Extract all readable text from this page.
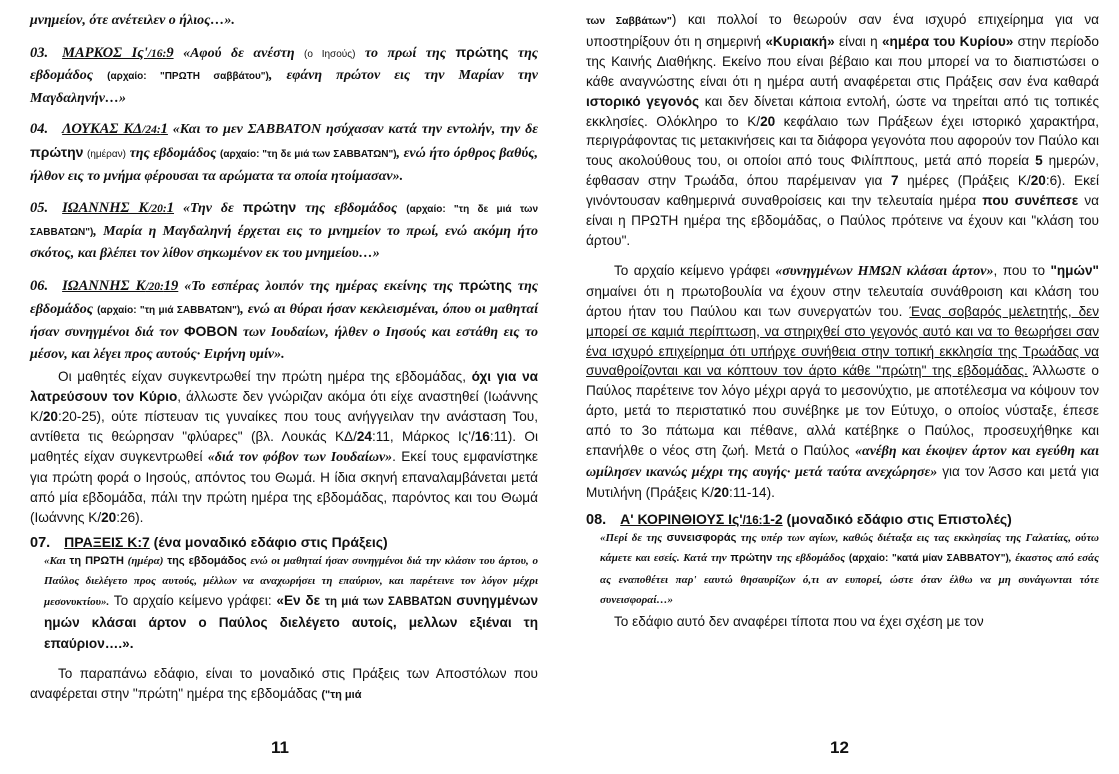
μνημείον, ότε ανέτειλεν ο ήλιος…».

03. ΜΑΡΚΟΣ Ις'/16:9 «Αφού δε ανέστη (ο Ιησούς) το πρωί της πρώτης της εβδομάδος (αρχαίο: "ΠΡΩΤΗ σαββάτου"), εφάνη πρώτον εις την Μαρίαν την Μαγδαληνήν…»

04. ΛΟΥΚΑΣ ΚΔ/24:1 «Και το μεν ΣΑΒΒΑΤΟΝ ησύχασαν κατά την εντολήν, την δε πρώτην (ημέραν) της εβδομάδος (αρχαίο: "τη δε μιά των ΣΑΒΒΑΤΩΝ"), ενώ ήτο όρθρος βαθύς, ήλθον εις το μνήμα φέρουσαι τα αρώματα τα οποία ητοίμασαν».

05. ΙΩΑΝΝΗΣ Κ/20:1 «Την δε πρώτην της εβδομάδος (αρχαίο: "τη δε μιά των ΣΑΒΒΑΤΩΝ"), Μαρία η Μαγδαληνή έρχεται εις το μνημείον το πρωί, ενώ ακόμη ήτο σκότος, και βλέπει τον λίθον σηκωμένον εκ του μνημείου…»

06. ΙΩΑΝΝΗΣ Κ/20:19 «Το εσπέρας λοιπόν της ημέρας εκείνης της πρώτης της εβδομάδος (αρχαίο: "τη μιά ΣΑΒΒΑΤΩΝ"), ενώ αι θύραι ήσαν κεκλεισμέναι, όπου οι μαθηταί ήσαν συνηγμένοι διά τον ΦΟΒΟΝ των Ιουδαίων, ήλθεν ο Ιησούς και εστάθη εις το μέσον, και λέγει προς αυτούς· Ειρήνη υμίν».

Οι μαθητές είχαν συγκεντρωθεί την πρώτη ημέρα της εβδομάδας, όχι για να λατρεύσουν τον Κύριο, άλλωστε δεν γνώριζαν ακόμα ότι είχε αναστηθεί (Ιωάννης Κ/20:20-25), ούτε πίστευαν τις γυναίκες που τους ανήγγειλαν την ανάσταση Του, αντίθετα τις θεώρησαν "φλύαρες" (βλ. Λουκάς ΚΔ/24:11, Μάρκος Ις'/16:11). Οι μαθητές είχαν συγκεντρωθεί «διά τον φόβον των Ιουδαίων». Εκεί τους εμφανίστηκε για πρώτη φορά ο Ιησούς, απόντος του Θωμά. Η ίδια σκηνή επαναλαμβάνεται μετά από μία εβδομάδα, πάλι την πρώτη ημέρα της εβδομάδας, παρόντος και του Θωμά (Ιωάννης Κ/20:26).

07. ΠΡΑΞΕΙΣ Κ:7 (ένα μοναδικό εδάφιο στις Πράξεις)

«Και τη ΠΡΩΤΗ (ημέρα) της εβδομάδος ενώ οι μαθηταί ήσαν συνηγμένοι διά την κλάσιν του άρτου, ο Παύλος διελέγετο προς αυτούς, μέλλων να αναχωρήσει τη επαύριον, και παρέτεινε τον λόγον μέχρι μεσονυκτίου». Το αρχαίο κείμενο γράφει: «Εν δε τη μιά των ΣΑΒΒΑΤΩΝ συνηγμένων ημών κλάσαι άρτον ο Παύλος διελέγετο αυτοίς, μελλων εξιέναι τη επαύριον….».

Το παραπάνω εδάφιο, είναι το μοναδικό στις Πράξεις των Αποστόλων που αναφέρεται στην "πρώτη" ημέρα της εβδομάδας ("τη μιά

11

των Σαββάτων") και πολλοί το θεωρούν σαν ένα ισχυρό επιχείρημα για να υποστηρίξουν ότι η σημερινή «Κυριακή» είναι η «ημέρα του Κυρίου» στην περίοδο της Καινής Διαθήκης. Εκείνο που είναι βέβαιο και που μπορεί να το διαπιστώσει ο κάθε αναγνώστης είναι ότι η ημέρα αυτή αναφέρεται στις Πράξεις σαν ένα καθαρά ιστορικό γεγονός και δεν δίνεται κάποια εντολή, ώστε να τηρείται από τις τοπικές εκκλησίες. Ολόκληρο το Κ/20 κεφάλαιο των Πράξεων έχει ιστορικό χαρακτήρα, περιγράφοντας τις μετακινήσεις και τα διάφορα γεγονότα που αφορούν τον Παύλο και τους ακολούθους του, οι οποίοι από τους Φιλίππους, μετά από πορεία 5 ημερών, έφθασαν στην Τρωάδα, όπου παρέμειναν για 7 ημέρες (Πράξεις Κ/20:6). Εκεί γινόντουσαν καθημερινά συναθροίσεις και την τελευταία ημέρα που συνέπεσε να είναι η ΠΡΩΤΗ ημέρα της εβδομάδας, ο Παύλος πρότεινε να έχουν και "κλάση του άρτου".

Το αρχαίο κείμενο γράφει «συνηγμένων ΗΜΩΝ κλάσαι άρτον», που το "ημών" σημαίνει ότι η πρωτοβουλία να έχουν στην τελευταία συνάθροιση και κλάση του άρτου ήταν του Παύλου και των συνεργατών του. Ένας σοβαρός μελετητής, δεν μπορεί σε καμιά περίπτωση, να στηριχθεί στο γεγονός αυτό και να το θεωρήσει σαν ένα ισχυρό επιχείρημα ότι υπήρχε συνήθεια στην τοπική εκκλησία της Τρωάδας να συναθροίζονται και να κόπτουν τον άρτο κάθε "πρώτη" της εβδομάδας. Άλλωστε ο Παύλος παρέτεινε τον λόγο μέχρι αργά το μεσονύχτιο, με αποτέλεσμα να κόψουν τον άρτο, μετά το περιστατικό που συνέβηκε με τον Εύτυχο, ο οποίος νύσταξε, έπεσε από το 3ο πάτωμα και πέθανε, αλλά κατέβηκε ο Παύλος, προσευχήθηκε και επανήλθε ο νέος στη ζωή. Μετά ο Παύλος «ανέβη και έκοψεν άρτον και εγεύθη και ωμίλησεν ικανώς μέχρι της αυγής· μετά ταύτα ανεχώρησε» για τον Άσσο και μετά για Μυτιλήνη (Πράξεις Κ/20:11-14).

08. Α' ΚΟΡΙΝΘΙΟΥΣ Ις'/16:1-2 (μοναδικό εδάφιο στις Επιστολές)

«Περί δε της συνεισφοράς της υπέρ των αγίων, καθώς διέταξα εις τας εκκλησίας της Γαλατίας, ούτω κάμετε και εσείς. Κατά την πρώτην της εβδομάδος (αρχαίο: "κατά μίαν ΣΑΒΒΑΤΟΥ"), έκαστος από εσάς ας εναποθέτει παρ' εαυτώ θησαυρίζων ό,τι αν ευπορεί, ώστε όταν έλθω να μη συνάγωνται τότε συνεισφοραί…»

Το εδάφιο αυτό δεν αναφέρει τίποτα που να έχει σχέση με τον

12
